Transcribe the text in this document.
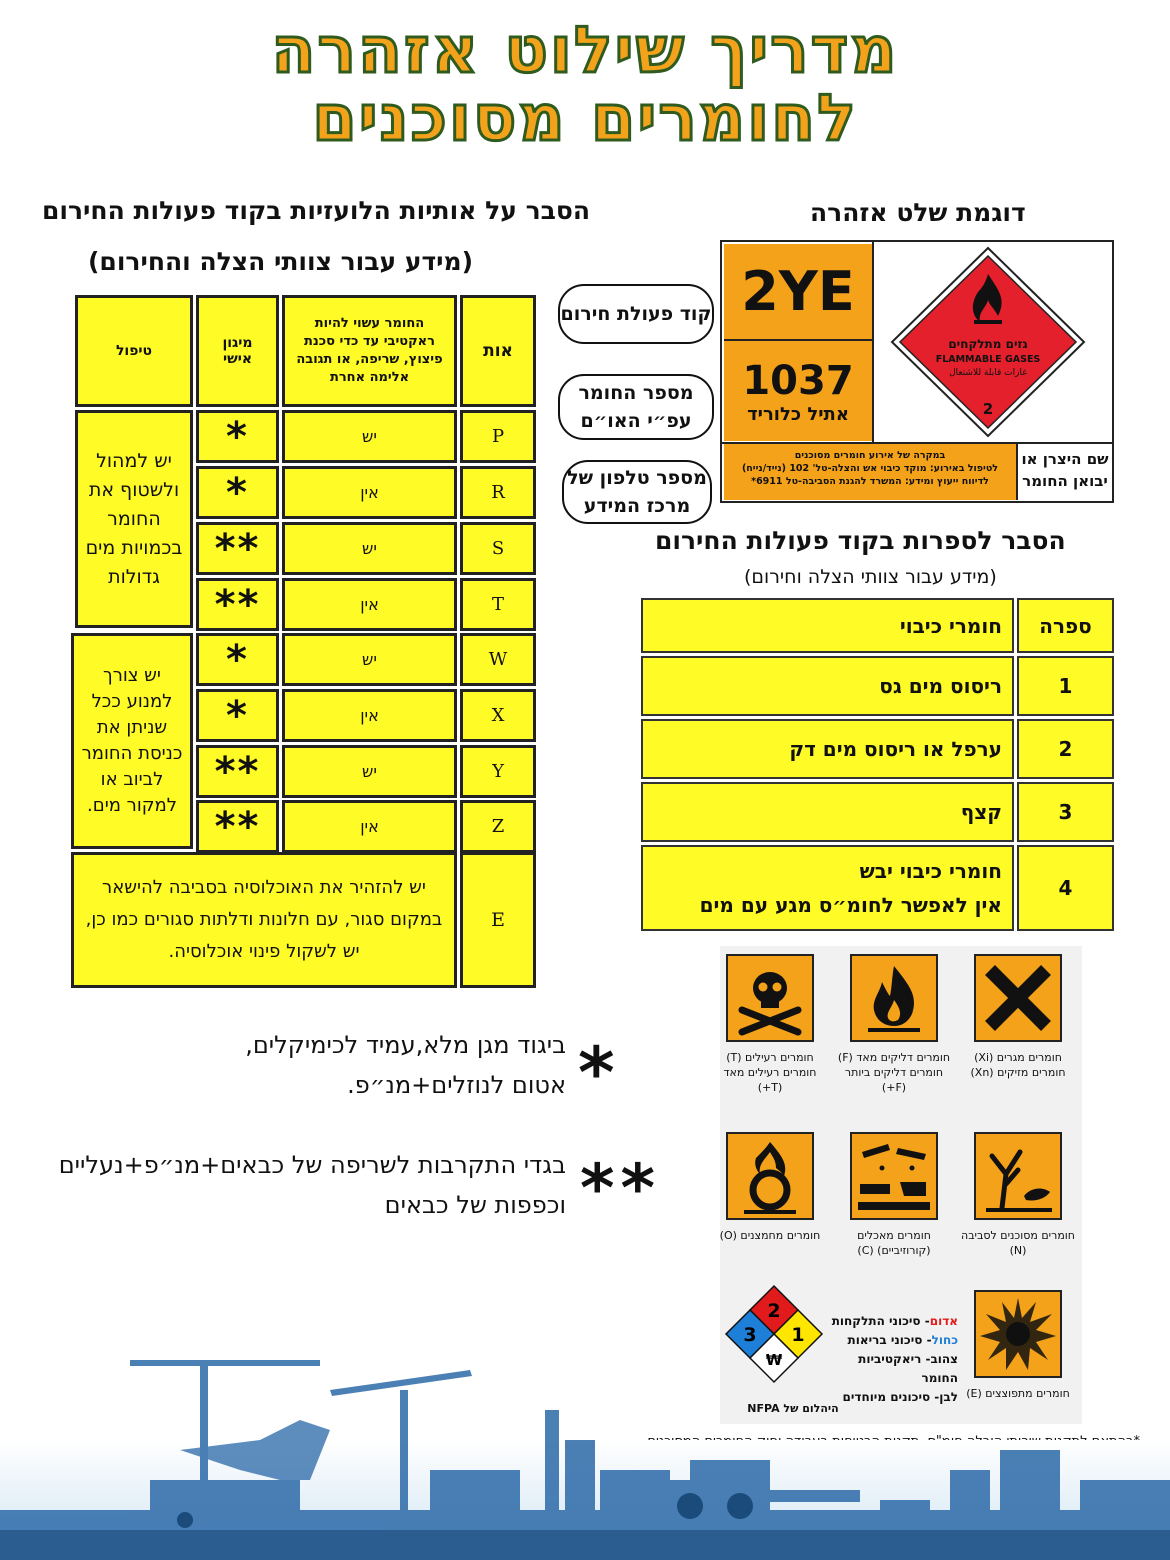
מדריך שילוט אזהרה
לחומרים מסוכנים
הסבר על אותיות הלועזיות בקוד פעולות החירום
(מידע עבור צוותי הצלה והחירום)
אות
החומר עשוי להיות ראקטיבי עד כדי סכנת פיצוץ, שריפה, או תגובה אלימה אחרת
מיגון אישי
טיפול
P
יש
*
R
אין
*
S
יש
**
T
אין
**
W
יש
*
X
אין
*
Y
יש
**
Z
אין
**
יש למהול ולשטוף את החומר בכמויות מים גדולות
יש צורך למנוע ככל שניתן את כניסת החומר לביוב או למקור מים.
E
יש להזהיר את האוכלוסיה בסביבה להישאר במקום סגור, עם חלונות ודלתות סגורים כמו כן, יש לשקול פינוי אוכלוסיה.
דוגמת שלט אזהרה
2YE
1037
אתיל כלוריד
גזים מתלקחים
FLAMMABLE GASES
غازات قابلة للاشتعال
2
במקרה של אירוע חומרים מסוכנים
לטיפול באירוע: מוקד כיבוי אש והצלה-טל' 102 (נייד/נייח)
לדיווח ייעוץ ומידע: המשרד להגנת הסביבה-טל 6911*
שם היצרן או יבואן החומר
קוד פעולת חירום
מספר החומר עפ״י האו״ם
מספר טלפון של מרכז המידע
הסבר לספרות בקוד פעולות החירום
(מידע עבור צוותי הצלה וחירום)
ספרה
חומרי כיבוי
1
ריסוס מים גס
2
ערפל או ריסוס מים דק
3
קצף
4
חומרי כיבוי יבש
אין לאפשר לחומ״ס מגע עם מים
חומרים רעילים (T) חומרים רעילים מאד (T+)
חומרים דליקים מאד (F) חומרים דליקים ביותר (F+)
חומרים מגרים (Xi) חומרים מזיקים (Xn)
חומרים מחמצנים (O)	חומרים מאכלים (קורוזיביים) (C)
חומרים מסוכנים לסביבה (N)
2
3 1
₩
NFPA היהלום של
אדום- סיכוני התלקחות
כחול- סיכוני בריאות
צהוב- ריאקטיביות החומר
לבן- סיכונים מיוחדים	חומרים מתפוצצים (E)
*
ביגוד מגן מלא,עמיד לכימיקלים,
אטום לנוזלים+מנ״פ.
**
בגדי התקרבות לשריפה של כבאים+מנ״פ+נעליים
וכפפות של כבאים
